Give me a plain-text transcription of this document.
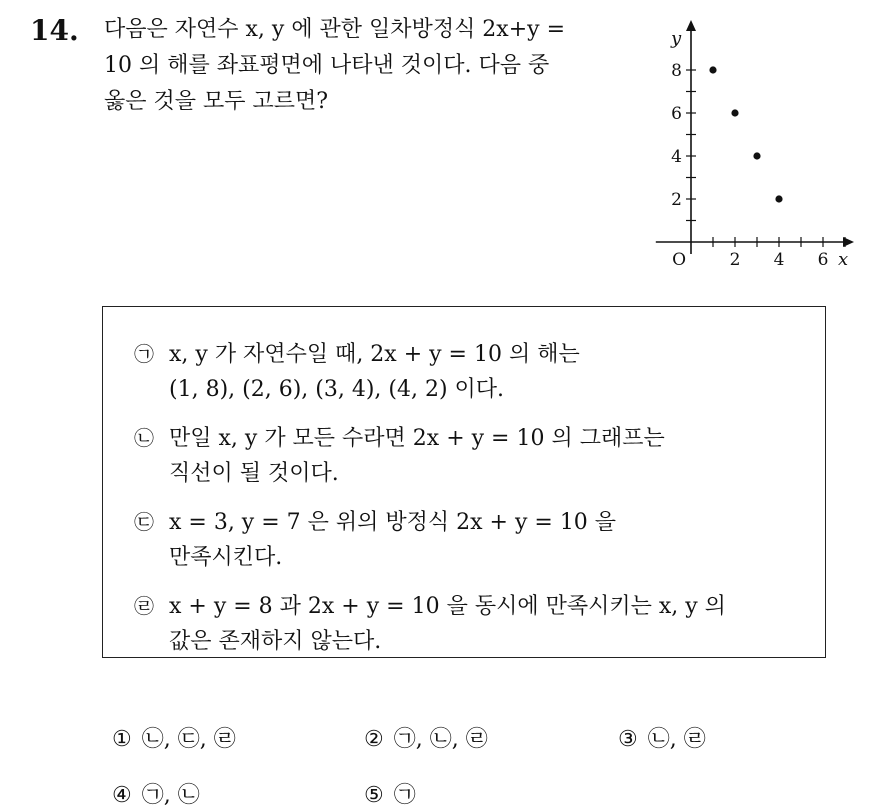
14. 다음은 자연수 x, y 에 관한 일차방정식 2x+y =
10 의 해를 좌표평면에 나타낸 것이다. 다음 중
옳은 것을 모두 고르면?
2 4 6
2
4
6
8
O	x
y
㉠ x, y 가 자연수일 때, 2x + y = 10 의 해는
(1, 8), (2, 6), (3, 4), (4, 2) 이다.
㉡ 만일 x, y 가 모든 수라면 2x + y = 10 의 그래프는
직선이 될 것이다.
㉢ x = 3, y = 7 은 위의 방정식 2x + y = 10 을
만족시킨다.
㉣ x + y = 8 과 2x + y = 10 을 동시에 만족시키는 x, y 의
값은 존재하지 않는다.
① ㉡, ㉢, ㉣	② ㉠, ㉡, ㉣	③ ㉡, ㉣
④ ㉠, ㉡	⑤ ㉠
